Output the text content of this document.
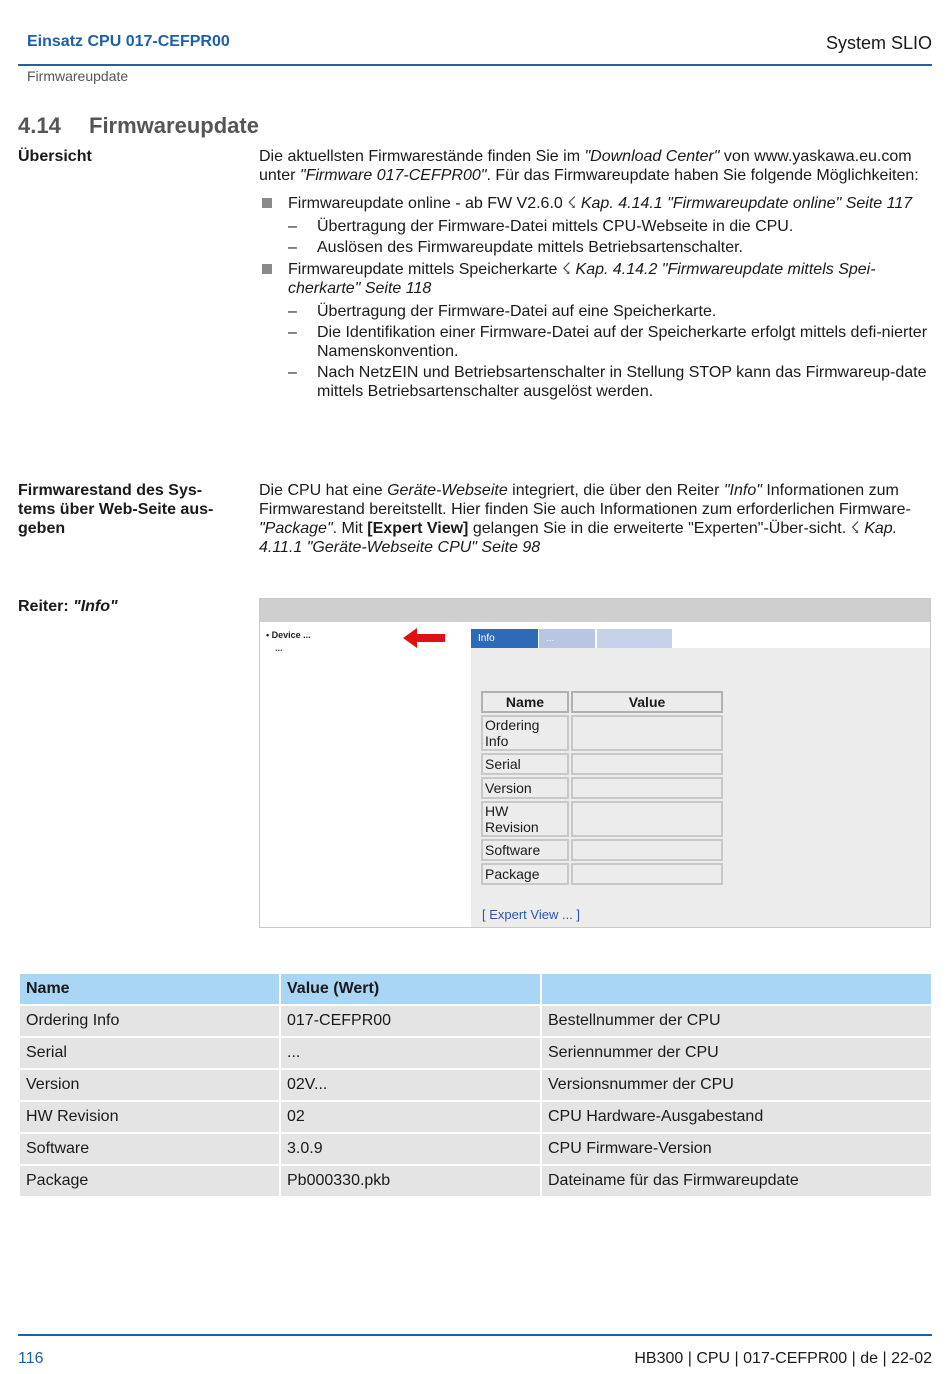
Einsatz CPU 017-CEFPR00	System SLIO
Firmwareupdate
4.14 Firmwareupdate
Übersicht	Die aktuellsten Firmwarestände finden Sie im "Download Center" von www.yaskawa.eu.com unter "Firmware 017-CEFPR00". Für das Firmwareupdate haben Sie folgende Möglichkeiten:

Firmwareupdate online - ab FW V2.6.0 ☇ Kap. 4.14.1 "Firmwareupdate online" Seite 117
– Übertragung der Firmware-Datei mittels CPU-Webseite in die CPU.
– Auslösen des Firmwareupdate mittels Betriebsartenschalter.
Firmwareupdate mittels Speicherkarte ☇ Kap. 4.14.2 "Firmwareupdate mittels Spei-cherkarte" Seite 118
– Übertragung der Firmware-Datei auf eine Speicherkarte.
– Die Identifikation einer Firmware-Datei auf der Speicherkarte erfolgt mittels defi-nierter Namenskonvention.
– Nach NetzEIN und Betriebsartenschalter in Stellung STOP kann das Firmwareup-date mittels Betriebsartenschalter ausgelöst werden.
Firmwarestand des Sys-tems über Web-Seite aus-geben

Die CPU hat eine Geräte-Webseite integriert, die über den Reiter "Info" Informationen zum Firmwarestand bereitstellt. Hier finden Sie auch Informationen zum erforderlichen Firmware-"Package". Mit [Expert View] gelangen Sie in die erweiterte "Experten"-Über-sicht. ☇ Kap. 4.11.1 "Geräte-Webseite CPU" Seite 98

Reiter: "Info"
• Device ...
...
Info	...
Name	Value
Ordering Info	
Serial	
Version	
HW Revision	
Software	
Package	
[ Expert View ... ]
Name	Value (Wert)	
Ordering Info	017-CEFPR00	Bestellnummer der CPU
Serial	...	Seriennummer der CPU
Version	02V...	Versionsnummer der CPU
HW Revision	02	CPU Hardware-Ausgabestand
Software	3.0.9	CPU Firmware-Version
Package	Pb000330.pkb	Dateiname für das Firmwareupdate
116	HB300 | CPU | 017-CEFPR00 | de | 22-02
